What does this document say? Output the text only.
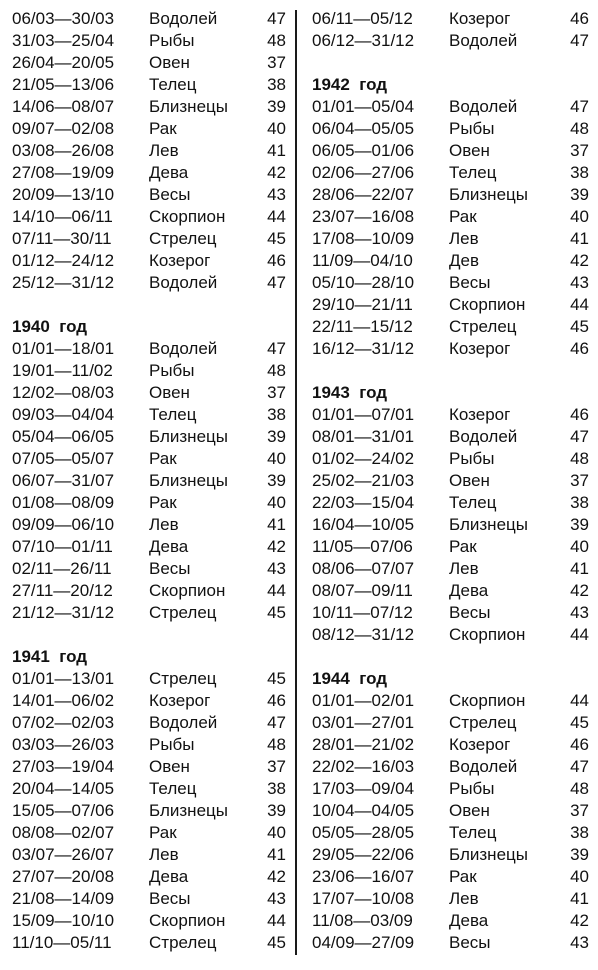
06/03—30/03	Водолей	47
31/03—25/04	Рыбы	48
26/04—20/05	Овен	37
21/05—13/06	Телец	38
14/06—08/07	Близнецы	39
09/07—02/08	Рак	40
03/08—26/08	Лев	41
27/08—19/09	Дева	42
20/09—13/10	Весы	43
14/10—06/11	Скорпион	44
07/11—30/11	Стрелец	45
01/12—24/12	Козерог	46
25/12—31/12	Водолей	47
1940  год
01/01—18/01	Водолей	47
19/01—11/02	Рыбы	48
12/02—08/03	Овен	37
09/03—04/04	Телец	38
05/04—06/05	Близнецы	39
07/05—05/07	Рак	40
06/07—31/07	Близнецы	39
01/08—08/09	Рак	40
09/09—06/10	Лев	41
07/10—01/11	Дева	42
02/11—26/11	Весы	43
27/11—20/12	Скорпион	44
21/12—31/12	Стрелец	45
1941  год
01/01—13/01	Стрелец	45
14/01—06/02	Козерог	46
07/02—02/03	Водолей	47
03/03—26/03	Рыбы	48
27/03—19/04	Овен	37
20/04—14/05	Телец	38
15/05—07/06	Близнецы	39
08/08—02/07	Рак	40
03/07—26/07	Лев	41
27/07—20/08	Дева	42
21/08—14/09	Весы	43
15/09—10/10	Скорпион	44
11/10—05/11	Стрелец	45
06/11—05/12	Козерог	46
06/12—31/12	Водолей	47
1942  год
01/01—05/04	Водолей	47
06/04—05/05	Рыбы	48
06/05—01/06	Овен	37
02/06—27/06	Телец	38
28/06—22/07	Близнецы	39
23/07—16/08	Рак	40
17/08—10/09	Лев	41
11/09—04/10	Дев	42
05/10—28/10	Весы	43
29/10—21/11	Скорпион	44
22/11—15/12	Стрелец	45
16/12—31/12	Козерог	46
1943  год
01/01—07/01	Козерог	46
08/01—31/01	Водолей	47
01/02—24/02	Рыбы	48
25/02—21/03	Овен	37
22/03—15/04	Телец	38
16/04—10/05	Близнецы	39
11/05—07/06	Рак	40
08/06—07/07	Лев	41
08/07—09/11	Дева	42
10/11—07/12	Весы	43
08/12—31/12	Скорпион	44
1944  год
01/01—02/01	Скорпион	44
03/01—27/01	Стрелец	45
28/01—21/02	Козерог	46
22/02—16/03	Водолей	47
17/03—09/04	Рыбы	48
10/04—04/05	Овен	37
05/05—28/05	Телец	38
29/05—22/06	Близнецы	39
23/06—16/07	Рак	40
17/07—10/08	Лев	41
11/08—03/09	Дева	42
04/09—27/09	Весы	43
